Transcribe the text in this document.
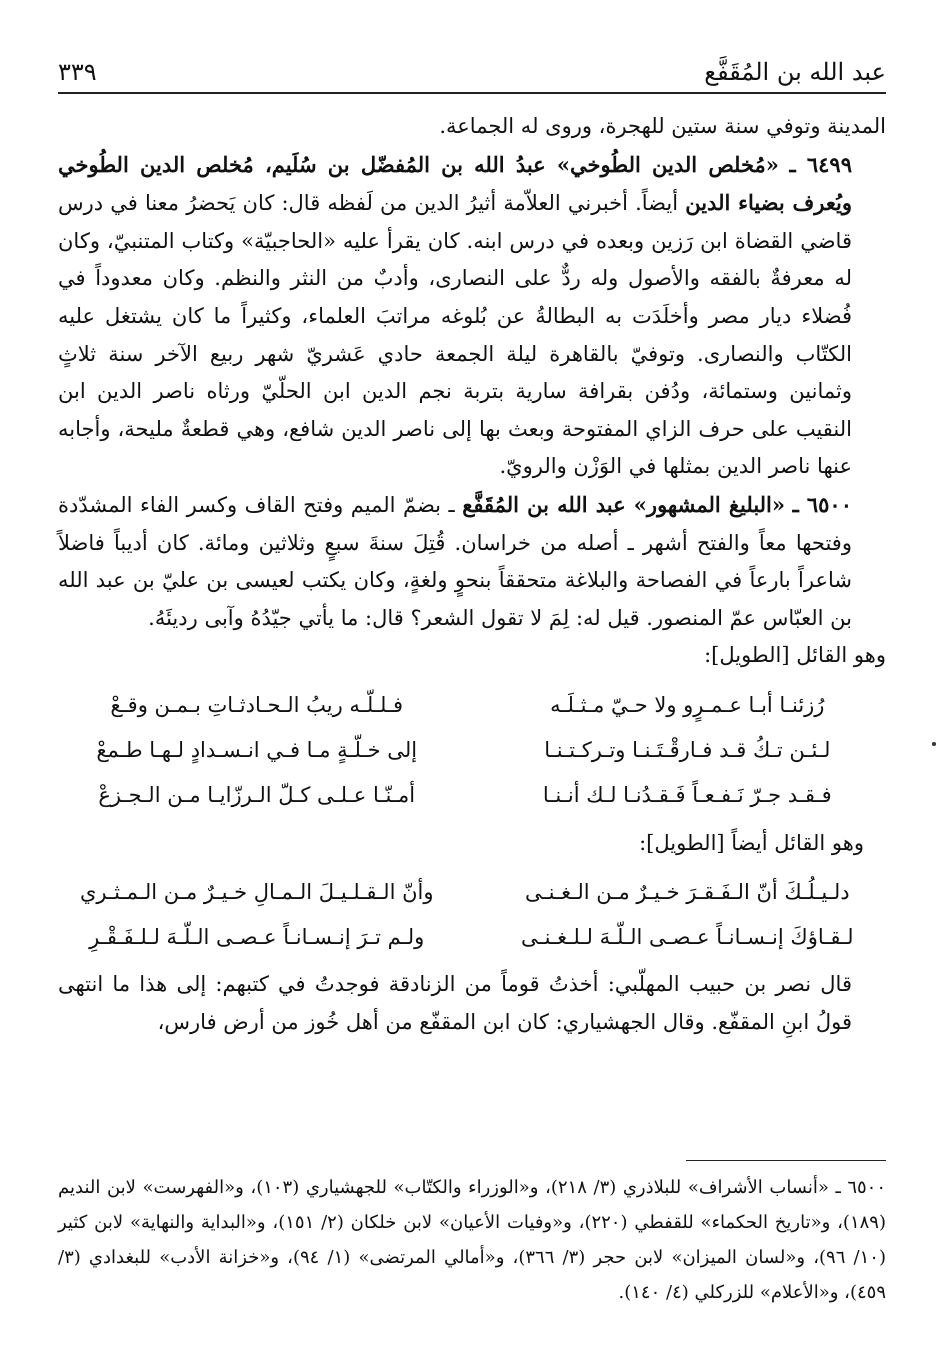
عبد الله بن المُقَفَّع
٣٣٩

المدينة وتوفي سنة ستين للهجرة، وروى له الجماعة.

٦٤٩٩ ـ «مُخلص الدين الطُوخي» عبدُ الله بن المُفضّل بن سُلَيم، مُخلص الدين الطُوخي ويُعرف بضياء الدين أيضاً. أخبرني العلاّمة أثيرُ الدين من لَفظه قال: كان يَحضرُ معنا في درس قاضي القضاة ابن رَزين وبعده في درس ابنه. كان يقرأ عليه «الحاجبيّة» وكتاب المتنبيّ، وكان له معرفةٌ بالفقه والأصول وله ردٌّ على النصارى، وأدبٌ من النثر والنظم. وكان معدوداً في فُضلاء ديار مصر وأخلَدَت به البطالةُ عن بُلوغه مراتبَ العلماء، وكثيراً ما كان يشتغل عليه الكتّاب والنصارى. وتوفيّ بالقاهرة ليلة الجمعة حادي عَشريّ شهر ربيع الآخر سنة ثلاثٍ وثمانين وستمائة، ودُفن بقرافة سارية بتربة نجم الدين ابن الحلّيّ ورثاه ناصر الدين ابن النقيب على حرف الزاي المفتوحة وبعث بها إلى ناصر الدين شافع، وهي قطعةٌ مليحة، وأجابه عنها ناصر الدين بمثلها في الوَزْن والرويّ.

٦٥٠٠ ـ «البليغ المشهور» عبد الله بن المُقَفَّع ـ بضمّ الميم وفتح القاف وكسر الفاء المشدّدة وفتحها معاً والفتح أشهر ـ أصله من خراسان. قُتِلَ سنةَ سبعٍ وثلاثين ومائة. كان أديباً فاضلاً شاعراً بارعاً في الفصاحة والبلاغة متحققاً بنحوٍ ولغةٍ، وكان يكتب لعيسى بن عليّ بن عبد الله بن العبّاس عمّ المنصور. قيل له: لِمَ لا تقول الشعر؟ قال: ما يأتي جيّدُهُ وآبى رديئَهُ.

وهو القائل [الطويل]:

رُزئنـا أبـا عـمـرٍو ولا حـيّ مـثـلَـه
فـلـلّـه ريبُ الـحـادثـاتِ بـمـن وقـعْ
لـئـن تـكُ قـد فـارقْـتَـنـا وتـركـتـنـا
إلى خـلّـةٍ مـا فـي انـسـدادٍ لـهـا طـمعْ
فـقـد جـرّ نَـفـعـاً فَـقـدُنـا لـك أنـنـا
أمـنّـا عـلـى كـلّ الـرزّايـا مـن الـجـزعْ

وهو القائل أيضاً [الطويل]:

دلـيـلُـكَ أنّ الـفَـقـرَ خـيـرٌ مـن الـغـنـى
وأنّ الـقـلـيـلَ الـمـالِ خـيـرٌ مـن الـمـثـري
لـقـاؤكَ إنـسـانـاً عـصـى الـلّـهَ لـلـغـنـى
ولـم تـرَ إنـسـانـاً عـصـى الـلّـهَ لـلـفَـقْـرِ

قال نصر بن حبيب المهلّبي: أخذتُ قوماً من الزنادقة فوجدتُ في كتبهم: إلى هذا ما انتهى قولُ ابنِ المقفّع. وقال الجهشياري: كان ابن المقفّع من أهل خُوز من أرض فارس،

٦٥٠٠ ـ «أنساب الأشراف» للبلاذري (٣/ ٢١٨)، و«الوزراء والكتّاب» للجهشياري (١٠٣)، و«الفهرست» لابن النديم (١٨٩)، و«تاريخ الحكماء» للقفطي (٢٢٠)، و«وفيات الأعيان» لابن خلكان (٢/ ١٥١)، و«البداية والنهاية» لابن كثير (١٠/ ٩٦)، و«لسان الميزان» لابن حجر (٣/ ٣٦٦)، و«أمالي المرتضى» (١/ ٩٤)، و«خزانة الأدب» للبغدادي (٣/ ٤٥٩)، و«الأعلام» للزركلي (٤/ ١٤٠).
